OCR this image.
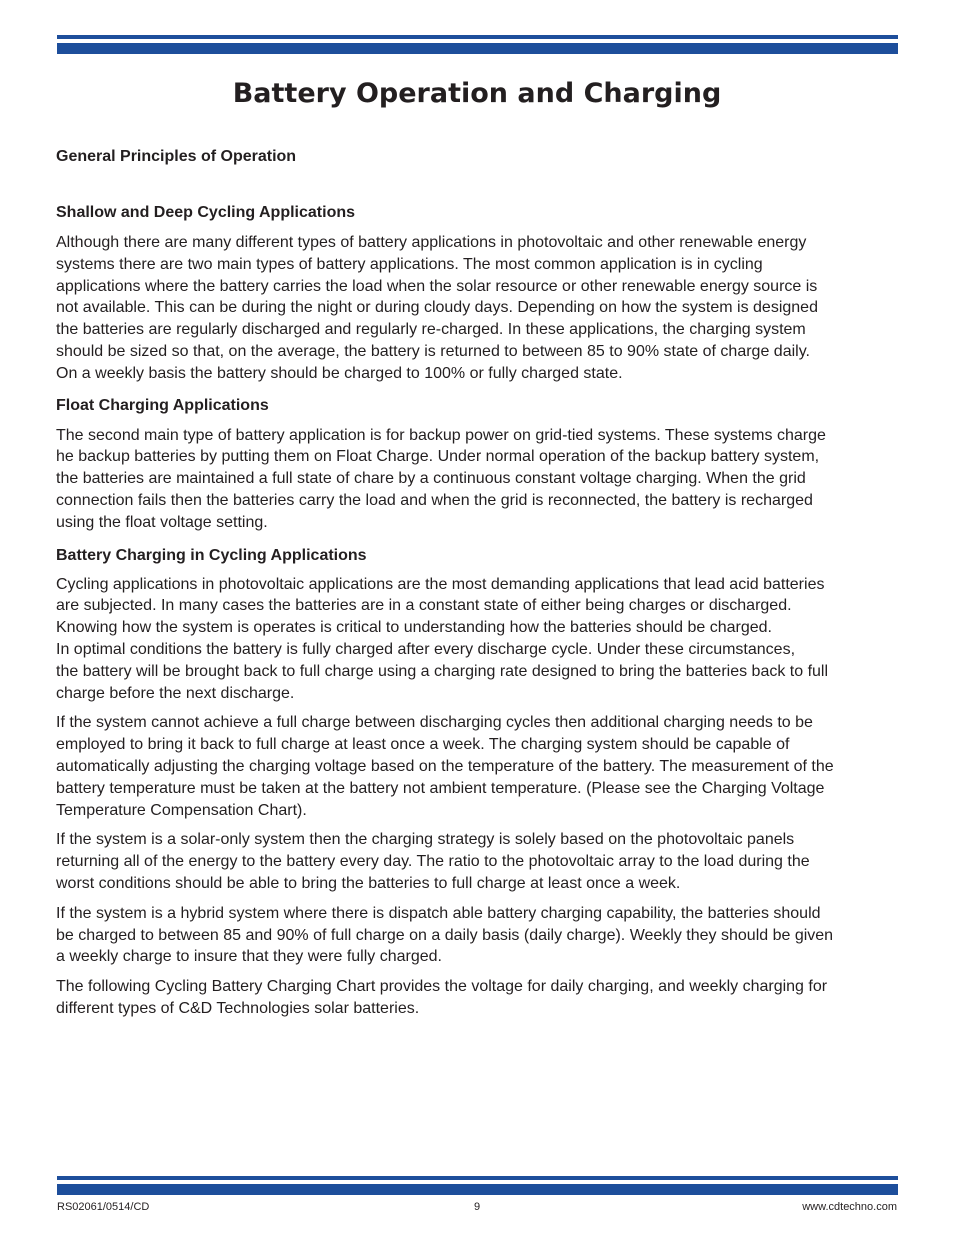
Battery Operation and Charging

General Principles of Operation

Shallow and Deep Cycling Applications

Although there are many different types of battery applications in photovoltaic and other renewable energy
systems there are two main types of battery applications. The most common application is in cycling
applications where the battery carries the load when the solar resource or other renewable energy source is
not available. This can be during the night or during cloudy days. Depending on how the system is designed
the batteries are regularly discharged and regularly re-charged. In these applications, the charging system
should be sized so that, on the average, the battery is returned to between 85 to 90% state of charge daily.
On a weekly basis the battery should be charged to 100% or fully charged state.

Float Charging Applications

The second main type of battery application is for backup power on grid-tied systems. These systems charge
he backup batteries by putting them on Float Charge. Under normal operation of the backup battery system,
the batteries are maintained a full state of chare by a continuous constant voltage charging. When the grid
connection fails then the batteries carry the load and when the grid is reconnected, the battery is recharged
using the float voltage setting.

Battery Charging in Cycling Applications

Cycling applications in photovoltaic applications are the most demanding applications that lead acid batteries
are subjected. In many cases the batteries are in a constant state of either being charges or discharged.
Knowing how the system is operates is critical to understanding how the batteries should be charged.
In optimal conditions the battery is fully charged after every discharge cycle. Under these circumstances,
the battery will be brought back to full charge using a charging rate designed to bring the batteries back to full
charge before the next discharge.

If the system cannot achieve a full charge between discharging cycles then additional charging needs to be
employed to bring it back to full charge at least once a week. The charging system should be capable of
automatically adjusting the charging voltage based on the temperature of the battery. The measurement of the
battery temperature must be taken at the battery not ambient temperature. (Please see the Charging Voltage
Temperature Compensation Chart).

If the system is a solar-only system then the charging strategy is solely based on the photovoltaic panels
returning all of the energy to the battery every day. The ratio to the photovoltaic array to the load during the
worst conditions should be able to bring the batteries to full charge at least once a week.

If the system is a hybrid system where there is dispatch able battery charging capability, the batteries should
be charged to between 85 and 90% of full charge on a daily basis (daily charge). Weekly they should be given
a weekly charge to insure that they were fully charged.

The following Cycling Battery Charging Chart provides the voltage for daily charging, and weekly charging for
different types of C&D Technologies solar batteries.

RS02061/0514/CD	9	www.cdtechno.com
